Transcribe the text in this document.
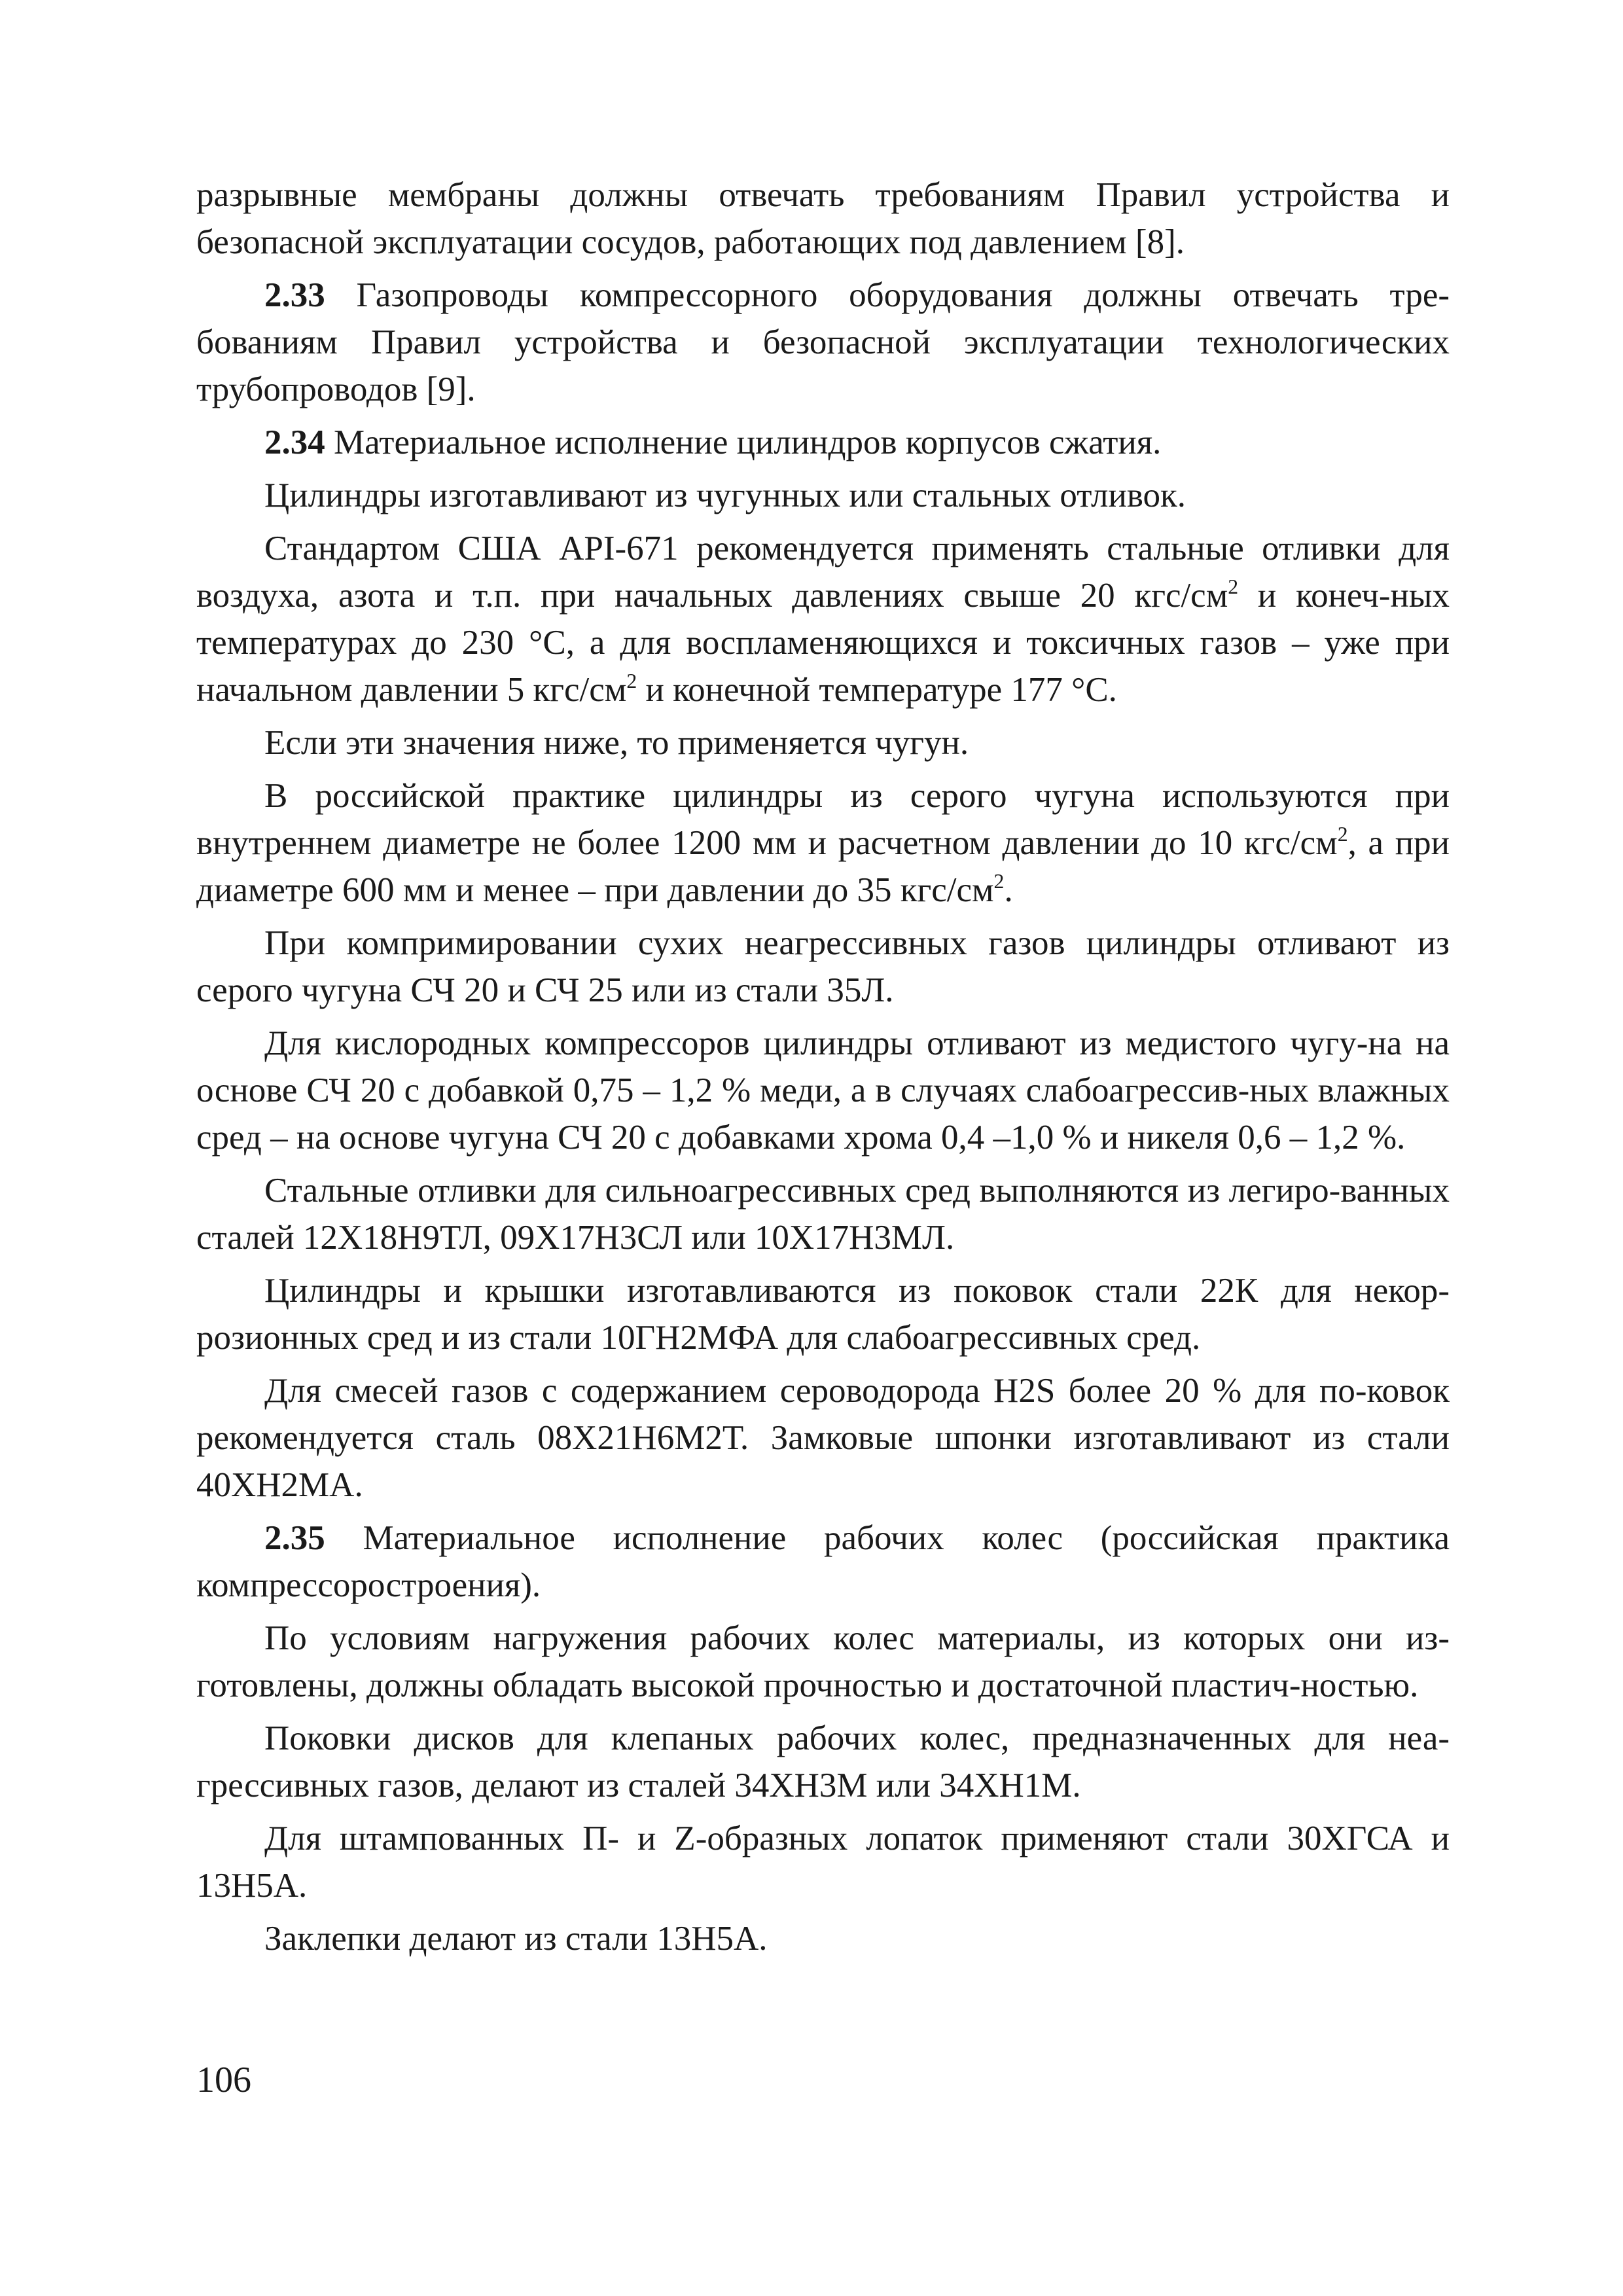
разрывные мембраны должны отвечать требованиям Правил устройства и безопасной эксплуатации сосудов, работающих под давлением [8].

2.33 Газопроводы компрессорного оборудования должны отвечать тре-бованиям Правил устройства и безопасной эксплуатации технологических трубопроводов [9].

2.34 Материальное исполнение цилиндров корпусов сжатия.

Цилиндры изготавливают из чугунных или стальных отливок.

Стандартом США API-671 рекомендуется применять стальные отливки для воздуха, азота и т.п. при начальных давлениях свыше 20 кгс/$см^2$ и конеч-ных температурах до 230 °С, а для воспламеняющихся и токсичных газов – уже при начальном давлении 5 кгс/$см^2$ и конечной температуре 177 °С.

Если эти значения ниже, то применяется чугун.

В российской практике цилиндры из серого чугуна используются при внутреннем диаметре не более 1200 мм и расчетном давлении до 10 кгс/$см^2$, а при диаметре 600 мм и менее – при давлении до 35 кгс/$см^2$.

При компримировании сухих неагрессивных газов цилиндры отливают из серого чугуна СЧ 20 и СЧ 25 или из стали 35Л.

Для кислородных компрессоров цилиндры отливают из медистого чугу-на на основе СЧ 20 с добавкой 0,75 – 1,2 % меди, а в случаях слабоагрессив-ных влажных сред – на основе чугуна СЧ 20 с добавками хрома 0,4 –1,0 % и никеля 0,6 – 1,2 %.

Стальные отливки для сильноагрессивных сред выполняются из легиро-ванных сталей 12Х18Н9ТЛ, 09Х17Н3СЛ или 10Х17Н3МЛ.

Цилиндры и крышки изготавливаются из поковок стали 22К для некор-розионных сред и из стали 10ГН2МФА для слабоагрессивных сред.

Для смесей газов с содержанием сероводорода H2S более 20 % для по-ковок рекомендуется сталь 08Х21Н6М2Т. Замковые шпонки изготавливают из стали 40ХН2МА.

2.35 Материальное исполнение рабочих колес (российская практика компрессоростроения).

По условиям нагружения рабочих колес материалы, из которых они из-готовлены, должны обладать высокой прочностью и достаточной пластич-ностью.

Поковки дисков для клепаных рабочих колес, предназначенных для неа-грессивных газов, делают из сталей 34ХН3М или 34ХН1М.

Для штампованных П- и Z-образных лопаток применяют стали 30ХГСА и 13Н5А.

Заклепки делают из стали 13Н5А.

106
